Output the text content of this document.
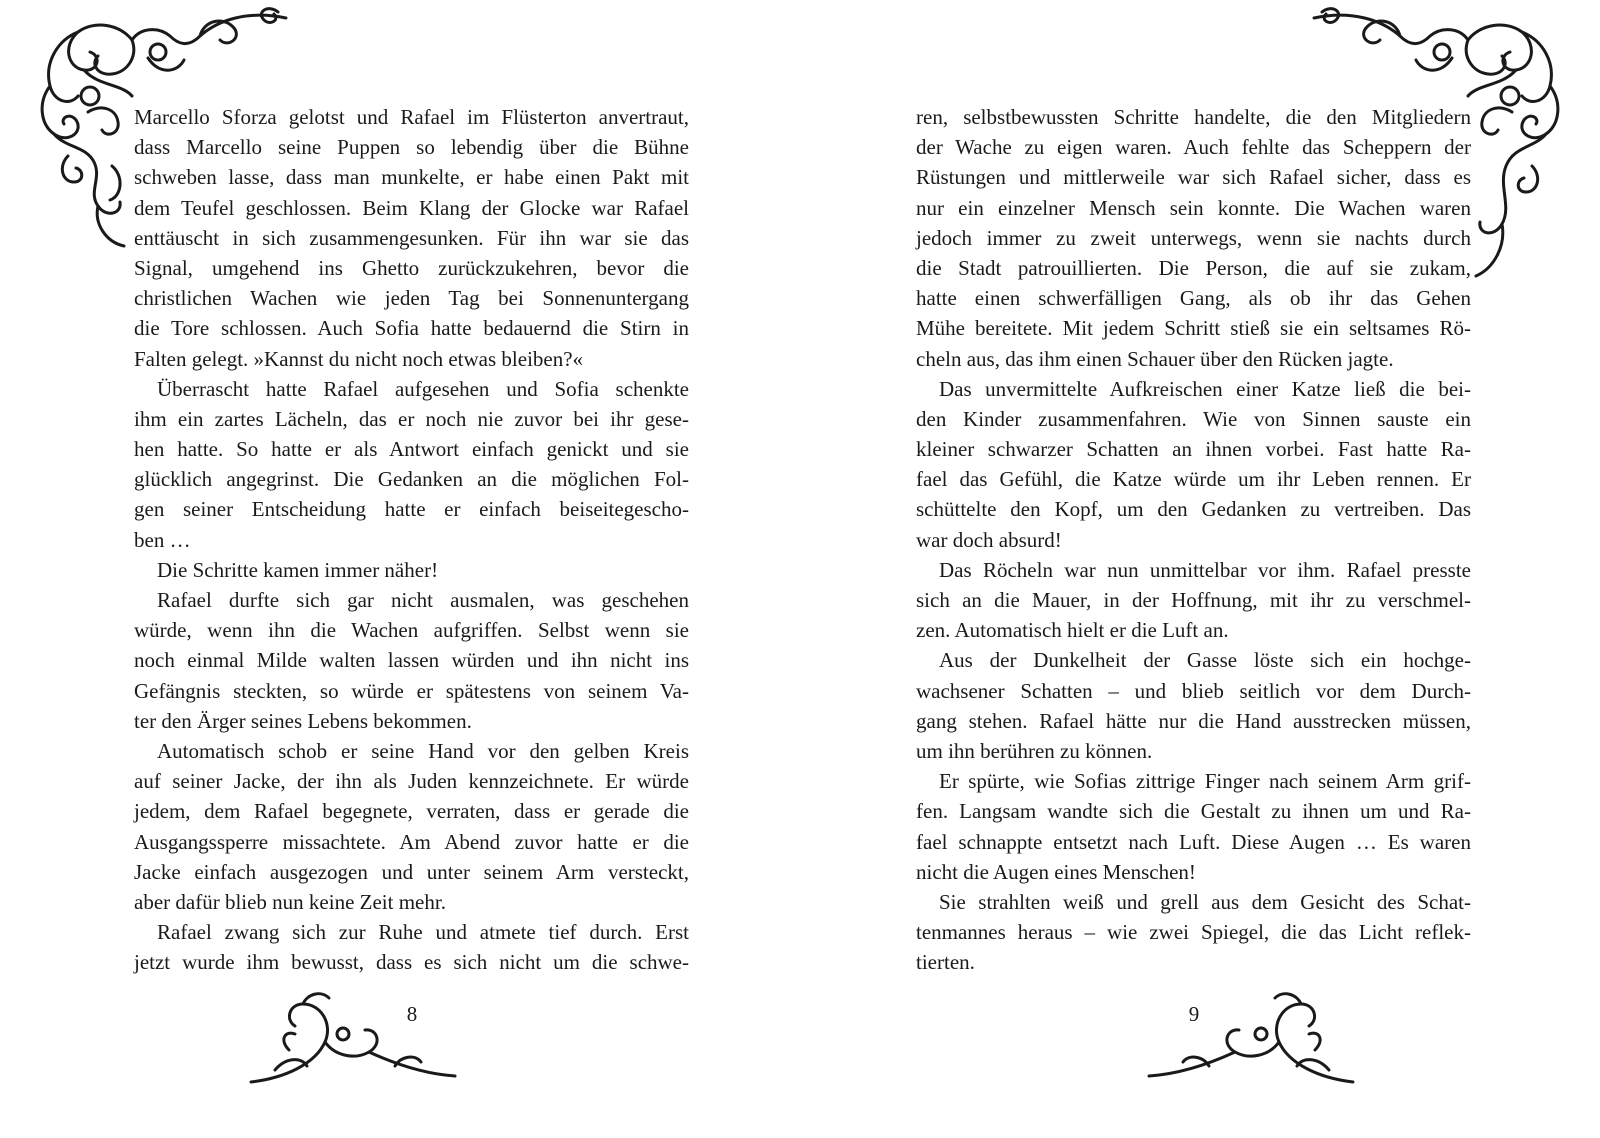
Marcello Sforza gelotst und Rafael im Flüsterton anvertraut,
dass Marcello seine Puppen so lebendig über die Bühne
schweben lasse, dass man munkelte, er habe einen Pakt mit
dem Teufel geschlossen. Beim Klang der Glocke war Rafael
enttäuscht in sich zusammengesunken. Für ihn war sie das
Signal, umgehend ins Ghetto zurückzukehren, bevor die
christlichen Wachen wie jeden Tag bei Sonnenuntergang
die Tore schlossen. Auch Sofia hatte bedauernd die Stirn in
Falten gelegt. »Kannst du nicht noch etwas bleiben?«
Überrascht hatte Rafael aufgesehen und Sofia schenkte
ihm ein zartes Lächeln, das er noch nie zuvor bei ihr gese-
hen hatte. So hatte er als Antwort einfach genickt und sie
glücklich angegrinst. Die Gedanken an die möglichen Fol-
gen seiner Entscheidung hatte er einfach beiseitegescho-
ben …
Die Schritte kamen immer näher!
Rafael durfte sich gar nicht ausmalen, was geschehen
würde, wenn ihn die Wachen aufgriffen. Selbst wenn sie
noch einmal Milde walten lassen würden und ihn nicht ins
Gefängnis steckten, so würde er spätestens von seinem Va-
ter den Ärger seines Lebens bekommen.
Automatisch schob er seine Hand vor den gelben Kreis
auf seiner Jacke, der ihn als Juden kennzeichnete. Er würde
jedem, dem Rafael begegnete, verraten, dass er gerade die
Ausgangssperre missachtete. Am Abend zuvor hatte er die
Jacke einfach ausgezogen und unter seinem Arm versteckt,
aber dafür blieb nun keine Zeit mehr.
Rafael zwang sich zur Ruhe und atmete tief durch. Erst
jetzt wurde ihm bewusst, dass es sich nicht um die schwe-
8
ren, selbstbewussten Schritte handelte, die den Mitgliedern
der Wache zu eigen waren. Auch fehlte das Scheppern der
Rüstungen und mittlerweile war sich Rafael sicher, dass es
nur ein einzelner Mensch sein konnte. Die Wachen waren
jedoch immer zu zweit unterwegs, wenn sie nachts durch
die Stadt patrouillierten. Die Person, die auf sie zukam,
hatte einen schwerfälligen Gang, als ob ihr das Gehen
Mühe bereitete. Mit jedem Schritt stieß sie ein seltsames Rö-
cheln aus, das ihm einen Schauer über den Rücken jagte.
Das unvermittelte Aufkreischen einer Katze ließ die bei-
den Kinder zusammenfahren. Wie von Sinnen sauste ein
kleiner schwarzer Schatten an ihnen vorbei. Fast hatte Ra-
fael das Gefühl, die Katze würde um ihr Leben rennen. Er
schüttelte den Kopf, um den Gedanken zu vertreiben. Das
war doch absurd!
Das Röcheln war nun unmittelbar vor ihm. Rafael presste
sich an die Mauer, in der Hoffnung, mit ihr zu verschmel-
zen. Automatisch hielt er die Luft an.
Aus der Dunkelheit der Gasse löste sich ein hochge-
wachsener Schatten – und blieb seitlich vor dem Durch-
gang stehen. Rafael hätte nur die Hand ausstrecken müssen,
um ihn berühren zu können.
Er spürte, wie Sofias zittrige Finger nach seinem Arm grif-
fen. Langsam wandte sich die Gestalt zu ihnen um und Ra-
fael schnappte entsetzt nach Luft. Diese Augen … Es waren
nicht die Augen eines Menschen!
Sie strahlten weiß und grell aus dem Gesicht des Schat-
tenmannes heraus – wie zwei Spiegel, die das Licht reflek-
tierten.
9
